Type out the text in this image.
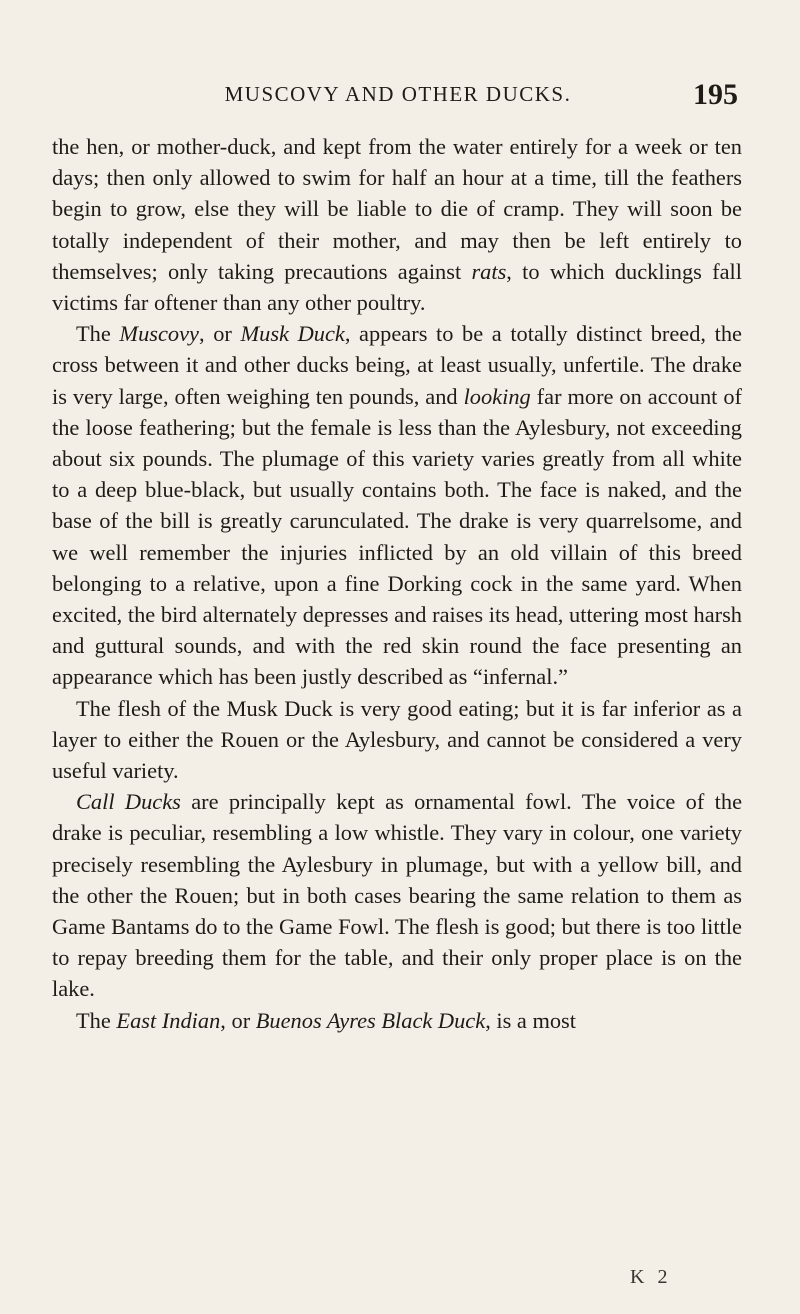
MUSCOVY AND OTHER DUCKS.	195

the hen, or mother-duck, and kept from the water entirely for a week or ten days; then only allowed to swim for half an hour at a time, till the feathers begin to grow, else they will be liable to die of cramp. They will soon be totally independent of their mother, and may then be left entirely to themselves; only taking precautions against rats, to which ducklings fall victims far oftener than any other poultry.

The Muscovy, or Musk Duck, appears to be a totally distinct breed, the cross between it and other ducks being, at least usually, unfertile. The drake is very large, often weighing ten pounds, and looking far more on account of the loose feathering; but the female is less than the Aylesbury, not exceeding about six pounds. The plumage of this variety varies greatly from all white to a deep blue-black, but usually contains both. The face is naked, and the base of the bill is greatly carunculated. The drake is very quarrelsome, and we well remember the injuries inflicted by an old villain of this breed belonging to a relative, upon a fine Dorking cock in the same yard. When excited, the bird alternately depresses and raises its head, uttering most harsh and guttural sounds, and with the red skin round the face presenting an appearance which has been justly described as “infernal.”

The flesh of the Musk Duck is very good eating; but it is far inferior as a layer to either the Rouen or the Aylesbury, and cannot be considered a very useful variety.

Call Ducks are principally kept as ornamental fowl. The voice of the drake is peculiar, resembling a low whistle. They vary in colour, one variety precisely resembling the Aylesbury in plumage, but with a yellow bill, and the other the Rouen; but in both cases bearing the same relation to them as Game Bantams do to the Game Fowl. The flesh is good; but there is too little to repay breeding them for the table, and their only proper place is on the lake.

The East Indian, or Buenos Ayres Black Duck, is a most

K 2
